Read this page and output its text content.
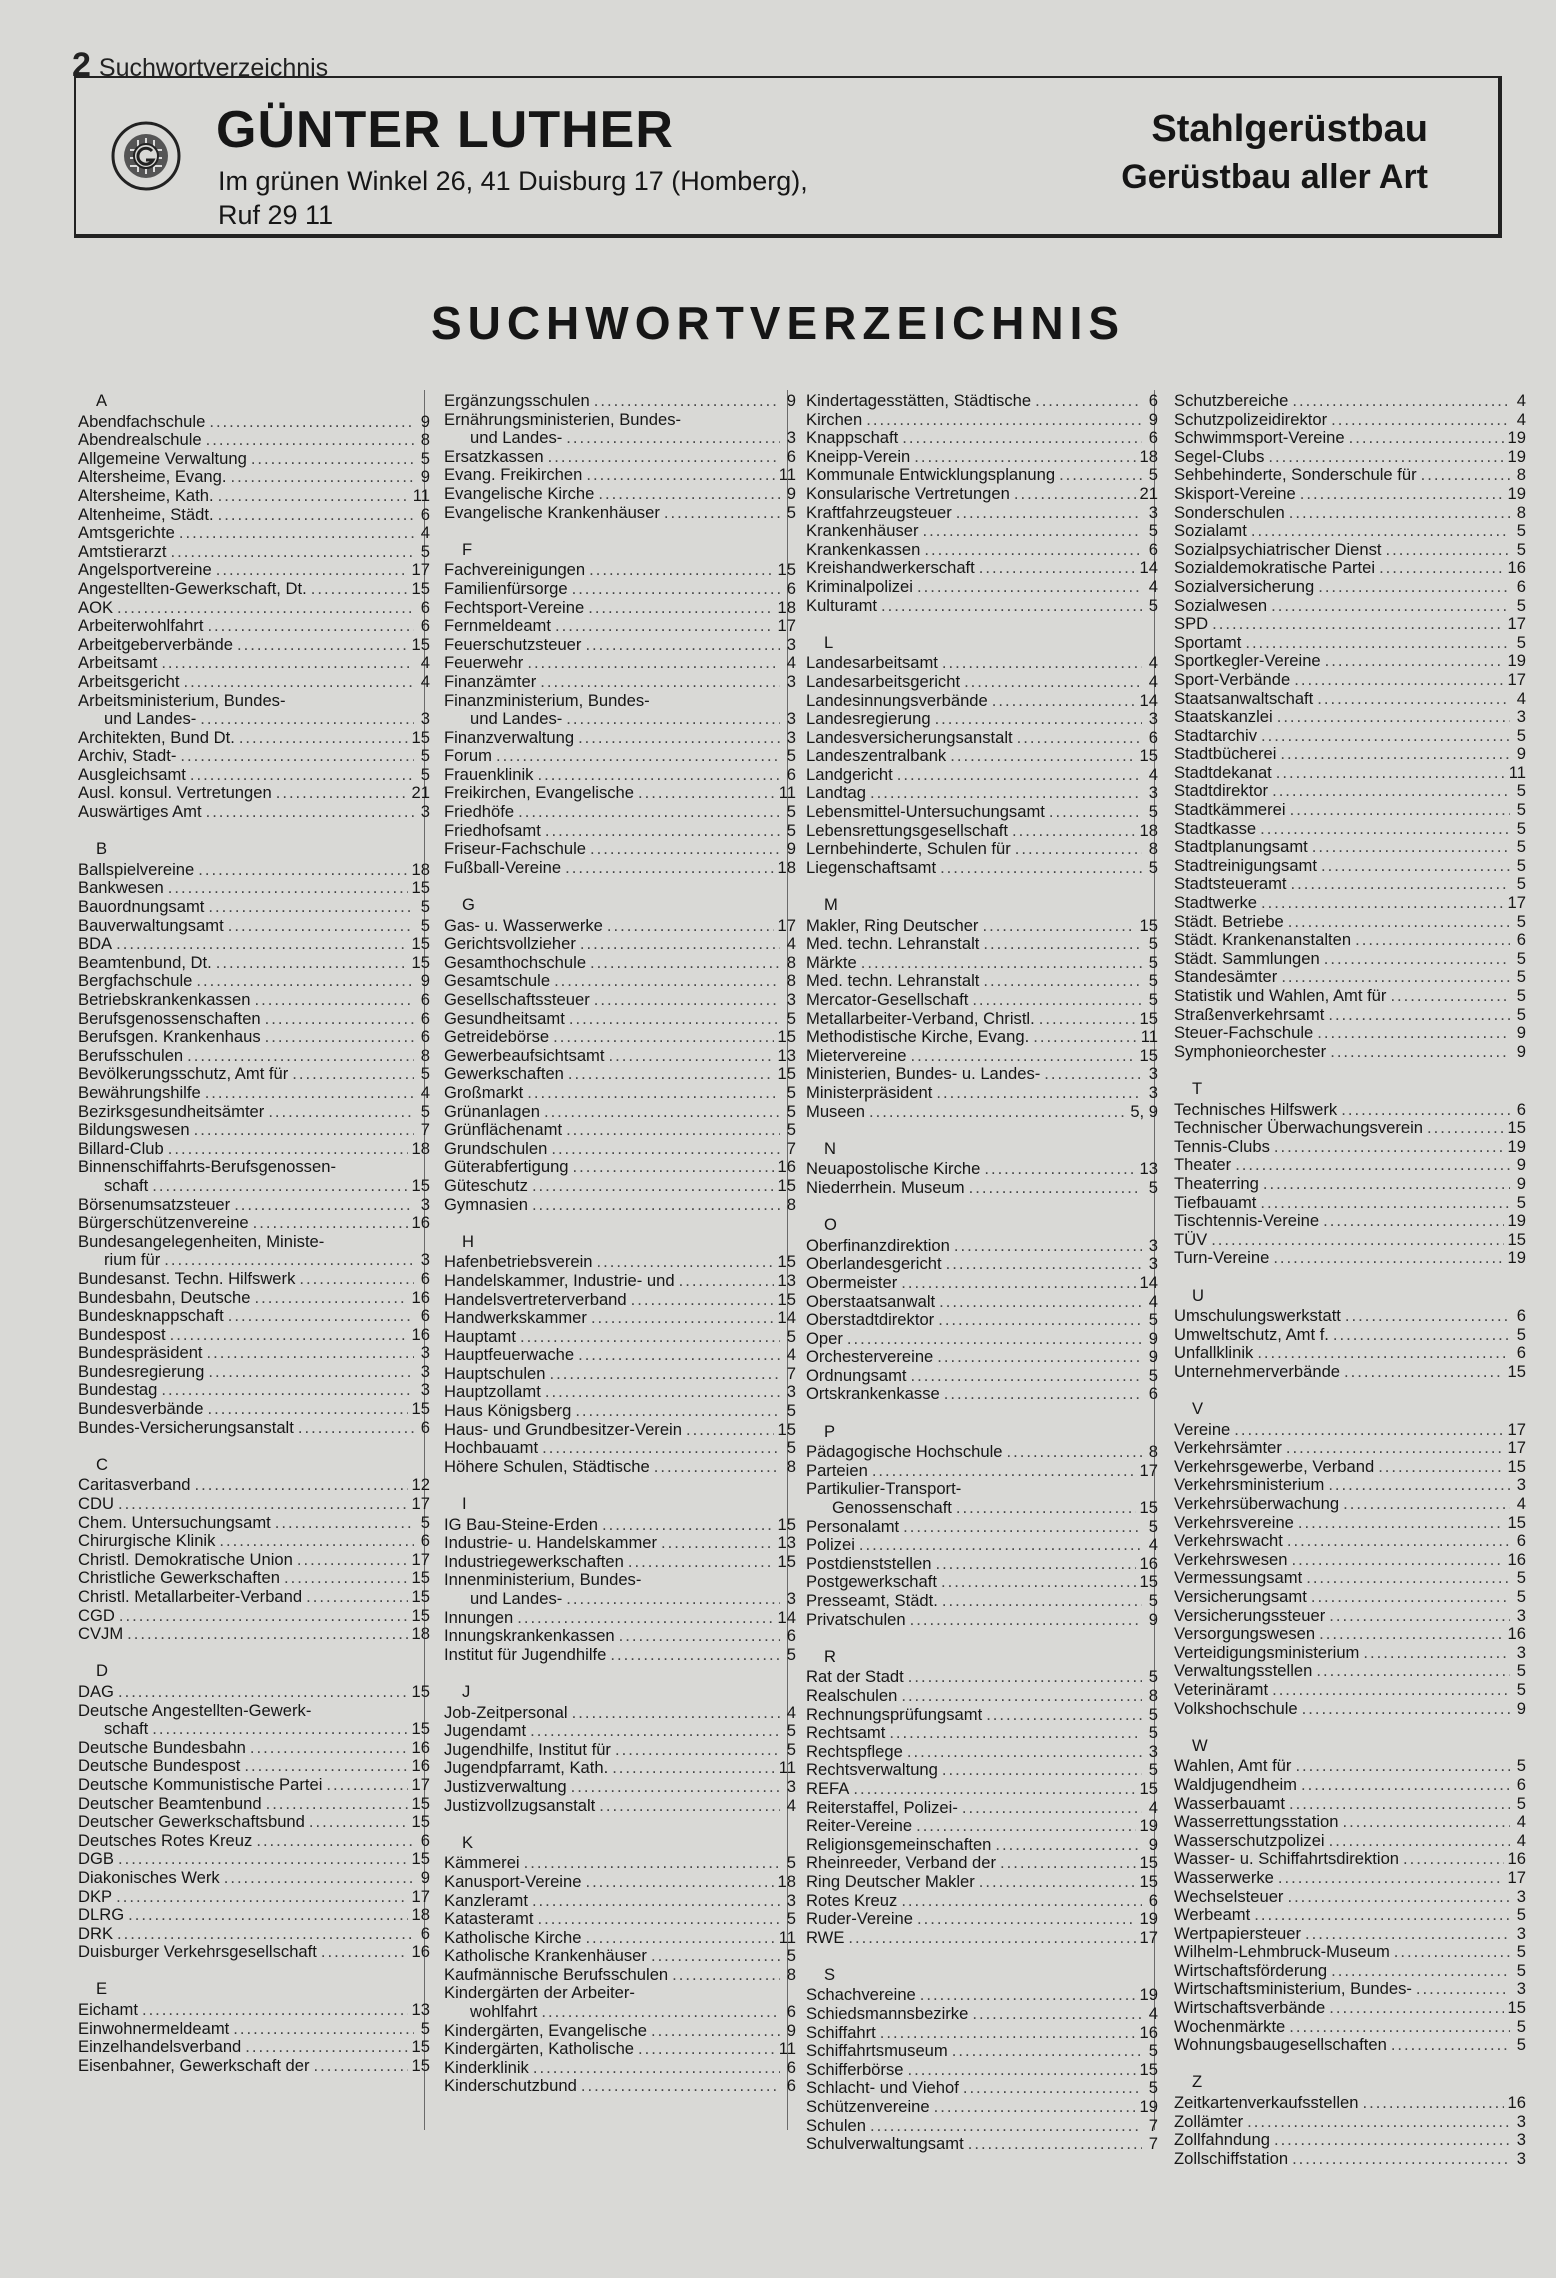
2 Suchwortverzeichnis
GÜNTER LUTHER
Im grünen Winkel 26, 41 Duisburg 17 (Homberg),
Ruf 29 11
Stahlgerüstbau
Gerüstbau aller Art
SUCHWORTVERZEICHNIS
A
Abendfachschule .....	9
Abendrealschule .....	8
Allgemeine Verwaltung .....	5
Altersheime, Evang. .....	9
Altersheime, Kath. .....	11
Altenheime, Städt. .....	6
Amtsgerichte .....	4
Amtstierarzt .....	5
Angelsportvereine .....	17
Angestellten-Gewerkschaft, Dt. .....	15
AOK .....	6
Arbeiterwohlfahrt .....	6
Arbeitgeberverbände .....	15
Arbeitsamt .....	4
Arbeitsgericht .....	4
Arbeitsministerium, Bundes-
und Landes- .....	3
Architekten, Bund Dt. .....	15
Archiv, Stadt- .....	5
Ausgleichsamt .....	5
Ausl. konsul. Vertretungen .....	21
Auswärtiges Amt .....	3
B
Ballspielvereine .....	18
Bankwesen .....	15
Bauordnungsamt .....	5
Bauverwaltungsamt .....	5
BDA .....	15
Beamtenbund, Dt. .....	15
Bergfachschule .....	9
Betriebskrankenkassen .....	6
Berufsgenossenschaften .....	6
Berufsgen. Krankenhaus .....	6
Berufsschulen .....	8
Bevölkerungsschutz, Amt für .....	5
Bewährungshilfe .....	4
Bezirksgesundheitsämter .....	5
Bildungswesen .....	7
Billard-Club .....	18
Binnenschiffahrts-Berufsgenossen-
schaft .....	15
Börsenumsatzsteuer .....	3
Bürgerschützenvereine .....	16
Bundesangelegenheiten, Ministe-
rium für .....	3
Bundesanst. Techn. Hilfswerk .....	6
Bundesbahn, Deutsche .....	16
Bundesknappschaft .....	6
Bundespost .....	16
Bundespräsident .....	3
Bundesregierung .....	3
Bundestag .....	3
Bundesverbände .....	15
Bundes-Versicherungsanstalt .....	6
C
Caritasverband .....	12
CDU .....	17
Chem. Untersuchungsamt .....	5
Chirurgische Klinik .....	6
Christl. Demokratische Union .....	17
Christliche Gewerkschaften .....	15
Christl. Metallarbeiter-Verband .....	15
CGD .....	15
CVJM .....	18
D
DAG .....	15
Deutsche Angestellten-Gewerk-
schaft .....	15
Deutsche Bundesbahn .....	16
Deutsche Bundespost .....	16
Deutsche Kommunistische Partei .....	17
Deutscher Beamtenbund .....	15
Deutscher Gewerkschaftsbund .....	15
Deutsches Rotes Kreuz .....	6
DGB .....	15
Diakonisches Werk .....	9
DKP .....	17
DLRG .....	18
DRK .....	6
Duisburger Verkehrsgesellschaft .....	16
E
Eichamt .....	13
Einwohnermeldeamt .....	5
Einzelhandelsverband .....	15
Eisenbahner, Gewerkschaft der .....	15
Ergänzungsschulen .....	9
Ernährungsministerien, Bundes-
und Landes- .....	3
Ersatzkassen .....	6
Evang. Freikirchen .....	11
Evangelische Kirche .....	9
Evangelische Krankenhäuser .....	5
F
Fachvereinigungen .....	15
Familienfürsorge .....	6
Fechtsport-Vereine .....	18
Fernmeldeamt .....	17
Feuerschutzsteuer .....	3
Feuerwehr .....	4
Finanzämter .....	3
Finanzministerium, Bundes-
und Landes- .....	3
Finanzverwaltung .....	3
Forum .....	5
Frauenklinik .....	6
Freikirchen, Evangelische .....	11
Friedhöfe .....	5
Friedhofsamt .....	5
Friseur-Fachschule .....	9
Fußball-Vereine .....	18
G
Gas- u. Wasserwerke .....	17
Gerichtsvollzieher .....	4
Gesamthochschule .....	8
Gesamtschule .....	8
Gesellschaftssteuer .....	3
Gesundheitsamt .....	5
Getreidebörse .....	15
Gewerbeaufsichtsamt .....	13
Gewerkschaften .....	15
Großmarkt .....	5
Grünanlagen .....	5
Grünflächenamt .....	5
Grundschulen .....	7
Güterabfertigung .....	16
Güteschutz .....	15
Gymnasien .....	8
H
Hafenbetriebsverein .....	15
Handelskammer, Industrie- und .....	13
Handelsvertreterverband .....	15
Handwerkskammer .....	14
Hauptamt .....	5
Hauptfeuerwache .....	4
Hauptschulen .....	7
Hauptzollamt .....	3
Haus Königsberg .....	5
Haus- und Grundbesitzer-Verein .....	15
Hochbauamt .....	5
Höhere Schulen, Städtische .....	8
I
IG Bau-Steine-Erden .....	15
Industrie- u. Handelskammer .....	13
Industriegewerkschaften .....	15
Innenministerium, Bundes-
und Landes- .....	3
Innungen .....	14
Innungskrankenkassen .....	6
Institut für Jugendhilfe .....	5
J
Job-Zeitpersonal .....	4
Jugendamt .....	5
Jugendhilfe, Institut für .....	5
Jugendpfarramt, Kath. .....	11
Justizverwaltung .....	3
Justizvollzugsanstalt .....	4
K
Kämmerei .....	5
Kanusport-Vereine .....	18
Kanzleramt .....	3
Katasteramt .....	5
Katholische Kirche .....	11
Katholische Krankenhäuser .....	5
Kaufmännische Berufsschulen .....	8
Kindergärten der Arbeiter-
wohlfahrt .....	6
Kindergärten, Evangelische .....	9
Kindergärten, Katholische .....	11
Kinderklinik .....	6
Kinderschutzbund .....	6
Kindertagesstätten, Städtische .....	6
Kirchen .....	9
Knappschaft .....	6
Kneipp-Verein .....	18
Kommunale Entwicklungsplanung .....	5
Konsularische Vertretungen .....	21
Kraftfahrzeugsteuer .....	3
Krankenhäuser .....	5
Krankenkassen .....	6
Kreishandwerkerschaft .....	14
Kriminalpolizei .....	4
Kulturamt .....	5
L
Landesarbeitsamt .....	4
Landesarbeitsgericht .....	4
Landesinnungsverbände .....	14
Landesregierung .....	3
Landesversicherungsanstalt .....	6
Landeszentralbank .....	15
Landgericht .....	4
Landtag .....	3
Lebensmittel-Untersuchungsamt .....	5
Lebensrettungsgesellschaft .....	18
Lernbehinderte, Schulen für .....	8
Liegenschaftsamt .....	5
M
Makler, Ring Deutscher .....	15
Med. techn. Lehranstalt .....	5
Märkte .....	5
Med. techn. Lehranstalt .....	5
Mercator-Gesellschaft .....	5
Metallarbeiter-Verband, Christl. .....	15
Methodistische Kirche, Evang. .....	11
Mietervereine .....	15
Ministerien, Bundes- u. Landes- .....	3
Ministerpräsident .....	3
Museen .....	5, 9
N
Neuapostolische Kirche .....	13
Niederrhein. Museum .....	5
O
Oberfinanzdirektion .....	3
Oberlandesgericht .....	3
Obermeister .....	14
Oberstaatsanwalt .....	4
Oberstadtdirektor .....	5
Oper .....	9
Orchestervereine .....	9
Ordnungsamt .....	5
Ortskrankenkasse .....	6
P
Pädagogische Hochschule .....	8
Parteien .....	17
Partikulier-Transport-
Genossenschaft .....	15
Personalamt .....	5
Polizei .....	4
Postdienststellen .....	16
Postgewerkschaft .....	15
Presseamt, Städt. .....	5
Privatschulen .....	9
R
Rat der Stadt .....	5
Realschulen .....	8
Rechnungsprüfungsamt .....	5
Rechtsamt .....	5
Rechtspflege .....	3
Rechtsverwaltung .....	5
REFA .....	15
Reiterstaffel, Polizei- .....	4
Reiter-Vereine .....	19
Religionsgemeinschaften .....	9
Rheinreeder, Verband der .....	15
Ring Deutscher Makler .....	15
Rotes Kreuz .....	6
Ruder-Vereine .....	19
RWE .....	17
S
Schachvereine .....	19
Schiedsmannsbezirke .....	4
Schiffahrt .....	16
Schiffahrtsmuseum .....	5
Schifferbörse .....	15
Schlacht- und Viehof .....	5
Schützenvereine .....	19
Schulen .....	7
Schulverwaltungsamt .....	7
Schutzbereiche .....	4
Schutzpolizeidirektor .....	4
Schwimmsport-Vereine .....	19
Segel-Clubs .....	19
Sehbehinderte, Sonderschule für .....	8
Skisport-Vereine .....	19
Sonderschulen .....	8
Sozialamt .....	5
Sozialpsychiatrischer Dienst .....	5
Sozialdemokratische Partei .....	16
Sozialversicherung .....	6
Sozialwesen .....	5
SPD .....	17
Sportamt .....	5
Sportkegler-Vereine .....	19
Sport-Verbände .....	17
Staatsanwaltschaft .....	4
Staatskanzlei .....	3
Stadtarchiv .....	5
Stadtbücherei .....	9
Stadtdekanat .....	11
Stadtdirektor .....	5
Stadtkämmerei .....	5
Stadtkasse .....	5
Stadtplanungsamt .....	5
Stadtreinigungsamt .....	5
Stadtsteueramt .....	5
Stadtwerke .....	17
Städt. Betriebe .....	5
Städt. Krankenanstalten .....	6
Städt. Sammlungen .....	5
Standesämter .....	5
Statistik und Wahlen, Amt für .....	5
Straßenverkehrsamt .....	5
Steuer-Fachschule .....	9
Symphonieorchester .....	9
T
Technisches Hilfswerk .....	6
Technischer Überwachungsverein .....	15
Tennis-Clubs .....	19
Theater .....	9
Theaterring .....	9
Tiefbauamt .....	5
Tischtennis-Vereine .....	19
TÜV .....	15
Turn-Vereine .....	19
U
Umschulungswerkstatt .....	6
Umweltschutz, Amt f. .....	5
Unfallklinik .....	6
Unternehmerverbände .....	15
V
Vereine .....	17
Verkehrsämter .....	17
Verkehrsgewerbe, Verband .....	15
Verkehrsministerium .....	3
Verkehrsüberwachung .....	4
Verkehrsvereine .....	15
Verkehrswacht .....	6
Verkehrswesen .....	16
Vermessungsamt .....	5
Versicherungsamt .....	5
Versicherungssteuer .....	3
Versorgungswesen .....	16
Verteidigungsministerium .....	3
Verwaltungsstellen .....	5
Veterinäramt .....	5
Volkshochschule .....	9
W
Wahlen, Amt für .....	5
Waldjugendheim .....	6
Wasserbauamt .....	5
Wasserrettungsstation .....	4
Wasserschutzpolizei .....	4
Wasser- u. Schiffahrtsdirektion .....	16
Wasserwerke .....	17
Wechselsteuer .....	3
Werbeamt .....	5
Wertpapiersteuer .....	3
Wilhelm-Lehmbruck-Museum .....	5
Wirtschaftsförderung .....	5
Wirtschaftsministerium, Bundes- .....	3
Wirtschaftsverbände .....	15
Wochenmärkte .....	5
Wohnungsbaugesellschaften .....	5
Z
Zeitkartenverkaufsstellen .....	16
Zollämter .....	3
Zollfahndung .....	3
Zollschiffstation .....	3
